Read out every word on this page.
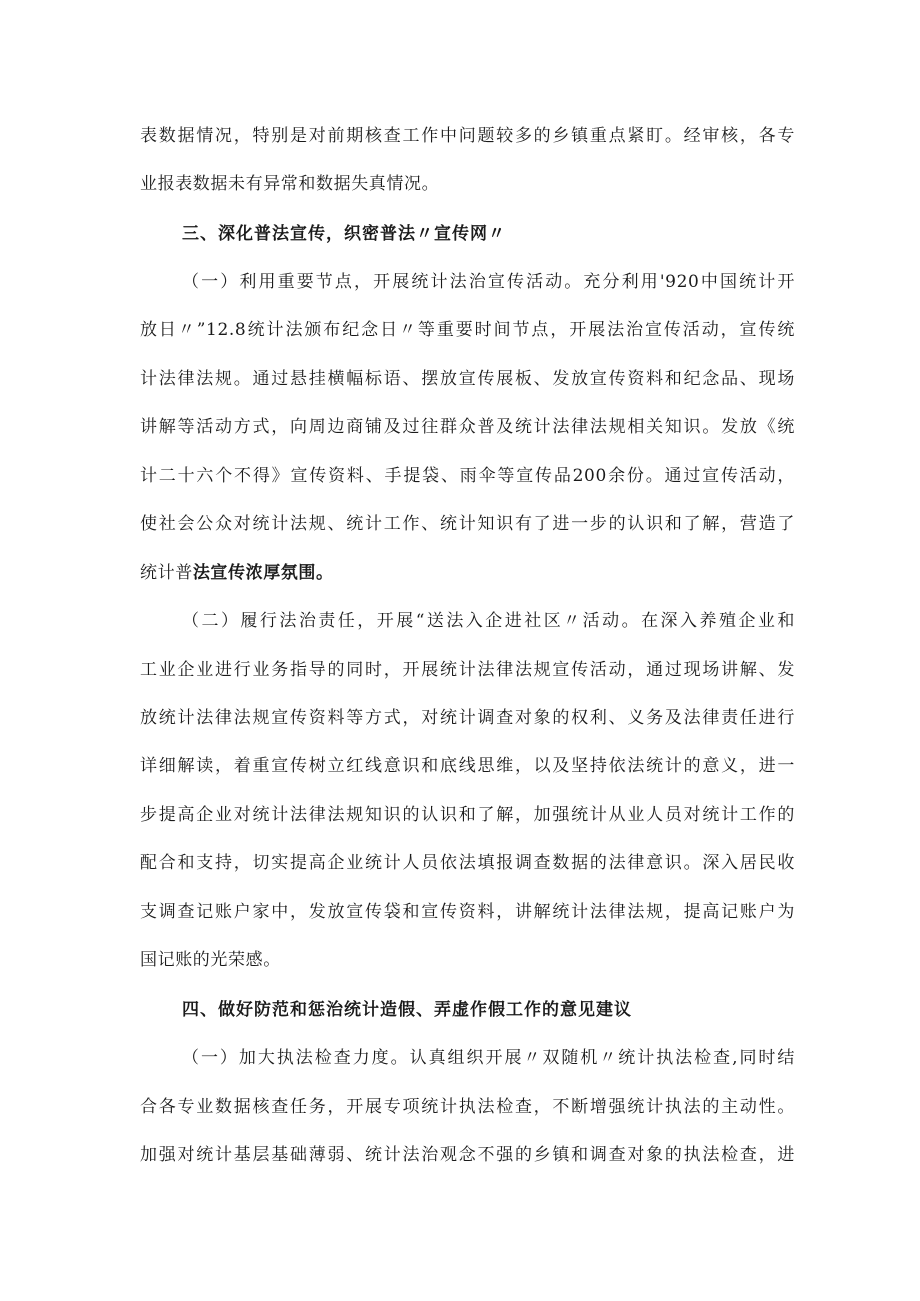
表数据情况，特别是对前期核查工作中问题较多的乡镇重点紧盯。经审核，各专
业报表数据未有异常和数据失真情况。
三、深化普法宣传，织密普法〃宣传网〃
（一）利用重要节点，开展统计法治宣传活动。充分利用'920中国统计开
放日〃”12.8统计法颁布纪念日〃等重要时间节点，开展法治宣传活动，宣传统
计法律法规。通过悬挂横幅标语、摆放宣传展板、发放宣传资料和纪念品、现场
讲解等活动方式，向周边商铺及过往群众普及统计法律法规相关知识。发放《统
计二十六个不得》宣传资料、手提袋、雨伞等宣传品200余份。通过宣传活动，
使社会公众对统计法规、统计工作、统计知识有了进一步的认识和了解，营造了
统计普法宣传浓厚氛围。
（二）履行法治责任，开展“送法入企进社区〃活动。在深入养殖企业和
工业企业进行业务指导的同时，开展统计法律法规宣传活动，通过现场讲解、发
放统计法律法规宣传资料等方式，对统计调查对象的权利、义务及法律责任进行
详细解读，着重宣传树立红线意识和底线思维，以及坚持依法统计的意义，进一
步提高企业对统计法律法规知识的认识和了解，加强统计从业人员对统计工作的
配合和支持，切实提高企业统计人员依法填报调查数据的法律意识。深入居民收
支调查记账户家中，发放宣传袋和宣传资料，讲解统计法律法规，提高记账户为
国记账的光荣感。
四、做好防范和惩治统计造假、弄虚作假工作的意见建议
（一）加大执法检查力度。认真组织开展〃双随机〃统计执法检查,同时结
合各专业数据核查任务，开展专项统计执法检查，不断增强统计执法的主动性。
加强对统计基层基础薄弱、统计法治观念不强的乡镇和调查对象的执法检查，进
